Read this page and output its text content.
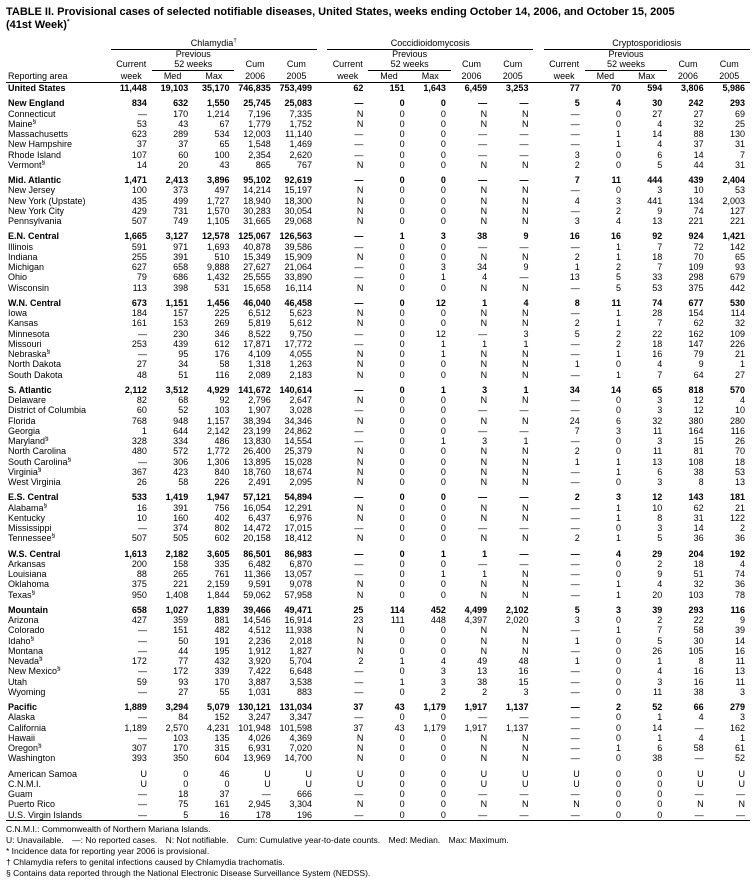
TABLE II. Provisional cases of selected notifiable diseases, United States, weeks ending October 14, 2006, and October 15, 2005
(41st Week)*
Reporting area	Chlamydia†						Coccidioidomycosis						Cryptosporidiosis				
	Current	Previous
52 weeks		Cum	Cum		Current	Previous
52 weeks		Cum	Cum		Current	Previous
52 weeks		Cum	Cum
	week	Med	Max	2006	2005		week	Med	Max	2006	2005		week	Med	Max	2006	2005
United States	11,448	19,103	35,170	746,835	753,499		62	151	1,643	6,459	3,253		77	70	594	3,806	5,986

New England	834	632	1,550	25,745	25,083		—	0	0	—	—		5	4	30	242	293
Connecticut	—	170	1,214	7,196	7,335		N	0	0	N	N		—	0	27	27	69
Maine§	53	43	67	1,779	1,752		N	0	0	N	N		—	0	4	32	25
Massachusetts	623	289	534	12,003	11,140		—	0	0	—	—		—	1	14	88	130
New Hampshire	37	37	65	1,548	1,469		—	0	0	—	—		—	1	4	37	31
Rhode Island	107	60	100	2,354	2,620		—	0	0	—	—		3	0	6	14	7
Vermont§	14	20	43	865	767		N	0	0	N	N		2	0	5	44	31

Mid. Atlantic	1,471	2,413	3,896	95,102	92,619		—	0	0	—	—		7	11	444	439	2,404
New Jersey	100	373	497	14,214	15,197		N	0	0	N	N		—	0	3	10	53
New York (Upstate)	435	499	1,727	18,940	18,300		N	0	0	N	N		4	3	441	134	2,003
New York City	429	731	1,570	30,283	30,054		N	0	0	N	N		—	2	9	74	127
Pennsylvania	507	749	1,105	31,665	29,068		N	0	0	N	N		3	4	13	221	221

E.N. Central	1,665	3,127	12,578	125,067	126,563		—	1	3	38	9		16	16	92	924	1,421
Illinois	591	971	1,693	40,878	39,586		—	0	0	—	—		—	1	7	72	142
Indiana	255	391	510	15,349	15,909		N	0	0	N	N		2	1	18	70	65
Michigan	627	658	9,888	27,627	21,064		—	0	3	34	9		1	2	7	109	93
Ohio	79	686	1,432	25,555	33,890		—	0	1	4	—		13	5	33	298	679
Wisconsin	113	398	531	15,658	16,114		N	0	0	N	N		—	5	53	375	442

W.N. Central	673	1,151	1,456	46,040	46,458		—	0	12	1	4		8	11	74	677	530
Iowa	184	157	225	6,512	5,623		N	0	0	N	N		—	1	28	154	114
Kansas	161	153	269	5,819	5,612		N	0	0	N	N		2	1	7	62	32
Minnesota	—	230	346	8,522	9,750		—	0	12	—	3		5	2	22	162	109
Missouri	253	439	612	17,871	17,772		—	0	1	1	1		—	2	18	147	226
Nebraska§	—	95	176	4,109	4,055		N	0	1	N	N		—	1	16	79	21
North Dakota	27	34	58	1,318	1,263		N	0	0	N	N		1	0	4	9	1
South Dakota	48	51	116	2,089	2,183		N	0	0	N	N		—	1	7	64	27

S. Atlantic	2,112	3,512	4,929	141,672	140,614		—	0	1	3	1		34	14	65	818	570
Delaware	82	68	92	2,796	2,647		N	0	0	N	N		—	0	3	12	4
District of Columbia	60	52	103	1,907	3,028		—	0	0	—	—		—	0	3	12	10
Florida	768	948	1,157	38,394	34,346		N	0	0	N	N		24	6	32	380	280
Georgia	1	644	2,142	23,199	24,862		—	0	0	—	—		7	3	11	164	116
Maryland§	328	334	486	13,830	14,554		—	0	1	3	1		—	0	3	15	26
North Carolina	480	572	1,772	26,400	25,379		N	0	0	N	N		2	0	11	81	70
South Carolina§	—	306	1,306	13,895	15,028		N	0	0	N	N		1	1	13	108	18
Virginia§	367	423	840	18,760	18,674		N	0	0	N	N		—	1	6	38	53
West Virginia	26	58	226	2,491	2,095		N	0	0	N	N		—	0	3	8	13

E.S. Central	533	1,419	1,947	57,121	54,894		—	0	0	—	—		2	3	12	143	181
Alabama§	16	391	756	16,054	12,291		N	0	0	N	N		—	1	10	62	21
Kentucky	10	160	402	6,437	6,976		N	0	0	N	N		—	1	8	31	122
Mississippi	—	374	802	14,472	17,015		—	0	0	—	—		—	0	3	14	2
Tennessee§	507	505	602	20,158	18,412		N	0	0	N	N		2	1	5	36	36

W.S. Central	1,613	2,182	3,605	86,501	86,983		—	0	1	1	—		—	4	29	204	192
Arkansas	200	158	335	6,482	6,870		—	0	0	—	—		—	0	2	18	4
Louisiana	88	265	761	11,366	13,057		—	0	1	1	N		—	0	9	51	74
Oklahoma	375	221	2,159	9,591	9,078		N	0	0	N	N		—	1	4	32	36
Texas§	950	1,408	1,844	59,062	57,958		N	0	0	N	N		—	1	20	103	78

Mountain	658	1,027	1,839	39,466	49,471		25	114	452	4,499	2,102		5	3	39	293	116
Arizona	427	359	881	14,546	16,914		23	111	448	4,397	2,020		3	0	2	22	9
Colorado	—	151	482	4,512	11,938		N	0	0	N	N		—	1	7	58	39
Idaho§	—	50	191	2,236	2,018		N	0	0	N	N		1	0	5	30	14
Montana	—	44	195	1,912	1,827		N	0	0	N	N		—	0	26	105	16
Nevada§	172	77	432	3,920	5,704		2	1	4	49	48		1	0	1	8	11
New Mexico§	—	172	339	7,422	6,648		—	0	3	13	16		—	0	4	16	13
Utah	59	93	170	3,887	3,538		—	1	3	38	15		—	0	3	16	11
Wyoming	—	27	55	1,031	883		—	0	2	2	3		—	0	11	38	3

Pacific	1,889	3,294	5,079	130,121	131,034		37	43	1,179	1,917	1,137		—	2	52	66	279
Alaska	—	84	152	3,247	3,347		—	0	0	—	—		—	0	1	4	3
California	1,189	2,570	4,231	101,948	101,598		37	43	1,179	1,917	1,137		—	0	14	—	162
Hawaii	—	103	135	4,026	4,369		N	0	0	N	N		—	0	1	4	1
Oregon§	307	170	315	6,931	7,020		N	0	0	N	N		—	1	6	58	61
Washington	393	350	604	13,969	14,700		N	0	0	N	N		—	0	38	—	52

American Samoa	U	0	46	U	U		U	0	0	U	U		U	0	0	U	U
C.N.M.I.	U	0	0	U	U		U	0	0	U	U		U	0	0	U	U
Guam	—	18	37	—	666		—	0	0	—	—		—	0	0	—	—
Puerto Rico	—	75	161	2,945	3,304		N	0	0	N	N		N	0	0	N	N
U.S. Virgin Islands	—	5	16	178	196		—	0	0	—	—		—	0	0	—	—
C.N.M.I.: Commonwealth of Northern Mariana Islands.
U: Unavailable. —: No reported cases. N: Not notifiable. Cum: Cumulative year-to-date counts. Med: Median. Max: Maximum.
* Incidence data for reporting year 2006 is provisional.
† Chlamydia refers to genital infections caused by Chlamydia trachomatis.
§ Contains data reported through the National Electronic Disease Surveillance System (NEDSS).
